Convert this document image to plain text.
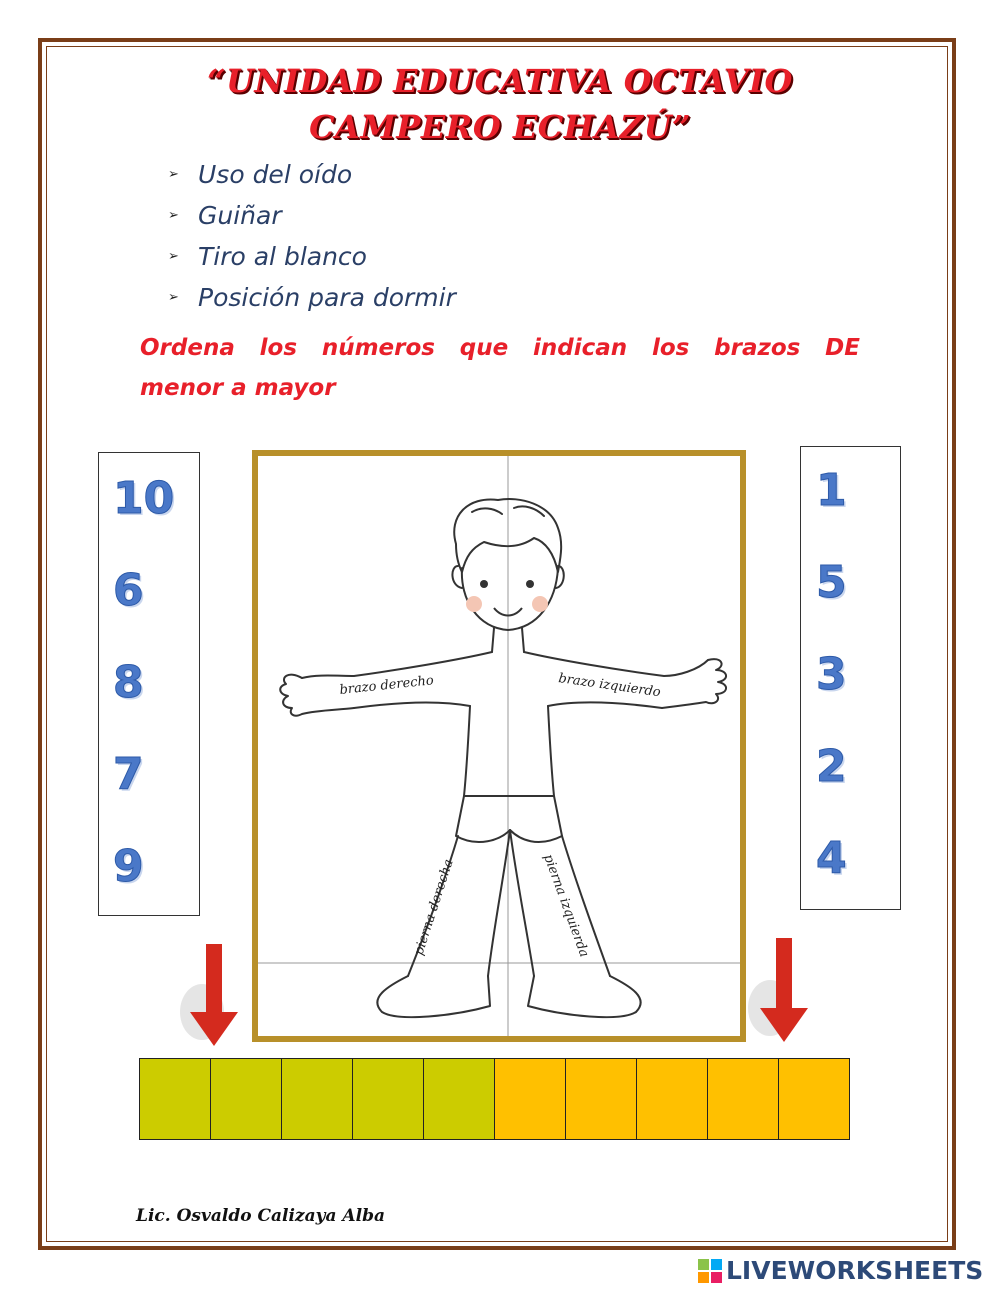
“UNIDAD EDUCATIVA OCTAVIO
CAMPERO ECHAZÚ”
➢ Uso del oído
➢ Guiñar
➢ Tiro al blanco
➢ Posición para dormir
Ordena los números que indican los brazos DE
menor a mayor
10
6
8
7
9
1
5
3
2
4
brazo derecho	brazo izquierdo
pierna derecha	pierna izquierda
Lic. Osvaldo Calizaya Alba
LIVEWORKSHEETS
